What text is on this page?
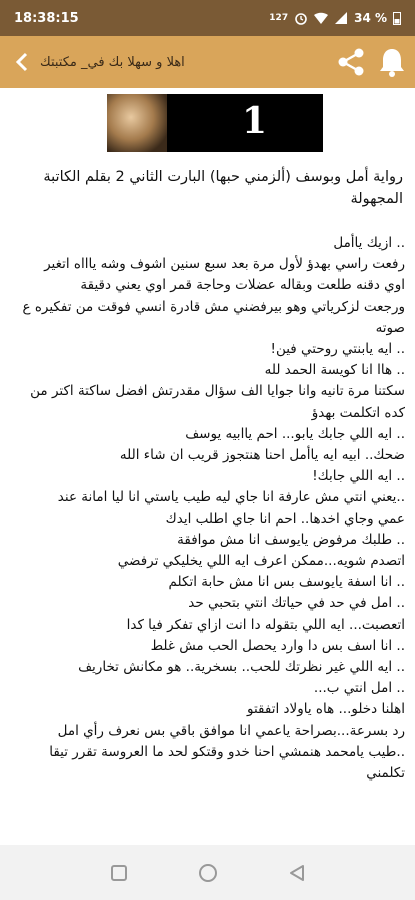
18:38:15	127	34 %
اهلا و سهلا بك في_ مكتبتك
1
رواية أمل وبوسف (ألزمني حبها) البارت الثاني 2 بقلم الكاتبة المجهولة
.. ازيك ياأمل
رفعت راسي بهدؤ لأول مرة بعد سبع سنين اشوف وشه ياااه اتغير
اوي دقنه طلعت وبقاله عضلات وحاجة قمر اوي يعني دقيقة
ورجعت لزكرياتي وهو بيرفضني مش قادرة انسي فوقت من تفكيره ع
صوته
.. ايه يابنتي روحتي فين!
.. هاا انا كويسة الحمد لله
سكتنا مرة تانيه وانا جوايا الف سؤال مقدرتش افضل ساكتة اكتر من
كده اتكلمت بهدؤ
.. ايه اللي جابك يابو... احم ياابيه يوسف
ضحك.. ابيه ايه ياأمل احنا هنتجوز قريب ان شاء الله
.. ايه اللي جابك!
..يعني انتي مش عارفة انا جاي ليه طيب ياستي انا ليا امانة عند
عمي وجاي اخدها.. احم انا جاي اطلب ايدك
.. طلبك مرفوض يايوسف انا مش موافقة
اتصدم شويه...ممكن اعرف ايه اللي يخليكي ترفضي
.. انا اسفة يايوسف بس انا مش حابة اتكلم
.. امل في حد في حياتك انتي بتحبي حد
اتعصبت... ايه اللي بتقوله دا انت ازاي تفكر فيا كدا
.. انا اسف بس دا وارد يحصل الحب مش غلط
.. ايه اللي غير نظرتك للحب.. بسخرية.. هو مكانش تخاريف
.. امل انتي ب...
اهلنا دخلو... هاه ياولاد اتفقتو
رد بسرعة...بصراحة ياعمي انا موافق باقي بس نعرف رأي امل
..طيب يامحمد هنمشي احنا خدو وقتكو لحد ما العروسة تقرر تيقا
تكلمني
